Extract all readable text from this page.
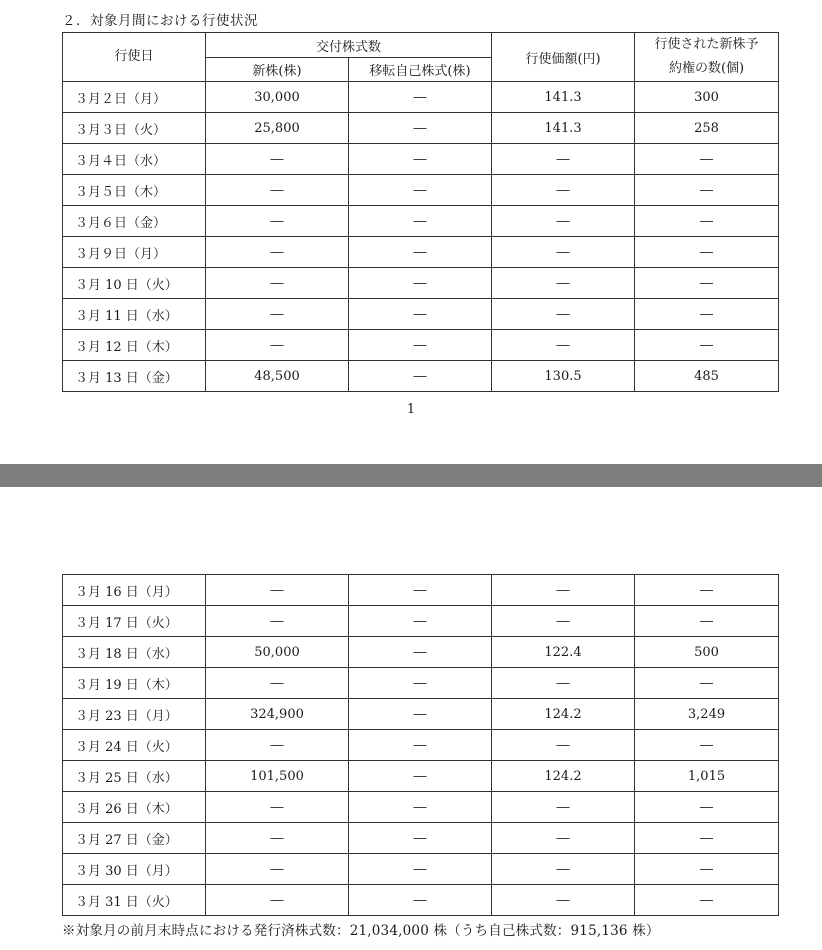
２．対象月間における行使状況
行使日	交付株式数		行使価額(円)	行使された新株予
約権の数(個)

	新株(株)	移転自己株式(株)		
３月２日（月）	30,000	―	141.3	300
３月３日（火）	25,800	―	141.3	258
３月４日（水）	―	―	―	―
３月５日（木）	―	―	―	―
３月６日（金）	―	―	―	―
３月９日（月）	―	―	―	―
３月 10 日（火）	―	―	―	―
３月 11 日（水）	―	―	―	―
３月 12 日（木）	―	―	―	―
３月 13 日（金）	48,500	―	130.5	485
1
３月 16 日（月）	―	―	―	―
３月 17 日（火）	―	―	―	―
３月 18 日（水）	50,000	―	122.4	500
３月 19 日（木）	―	―	―	―
３月 23 日（月）	324,900	―	124.2	3,249
３月 24 日（火）	―	―	―	―
３月 25 日（水）	101,500	―	124.2	1,015
３月 26 日（木）	―	―	―	―
３月 27 日（金）	―	―	―	―
３月 30 日（月）	―	―	―	―
３月 31 日（火）	―	―	―	―
※対象月の前月末時点における発行済株式数：21,034,000 株（うち自己株式数：915,136 株）
